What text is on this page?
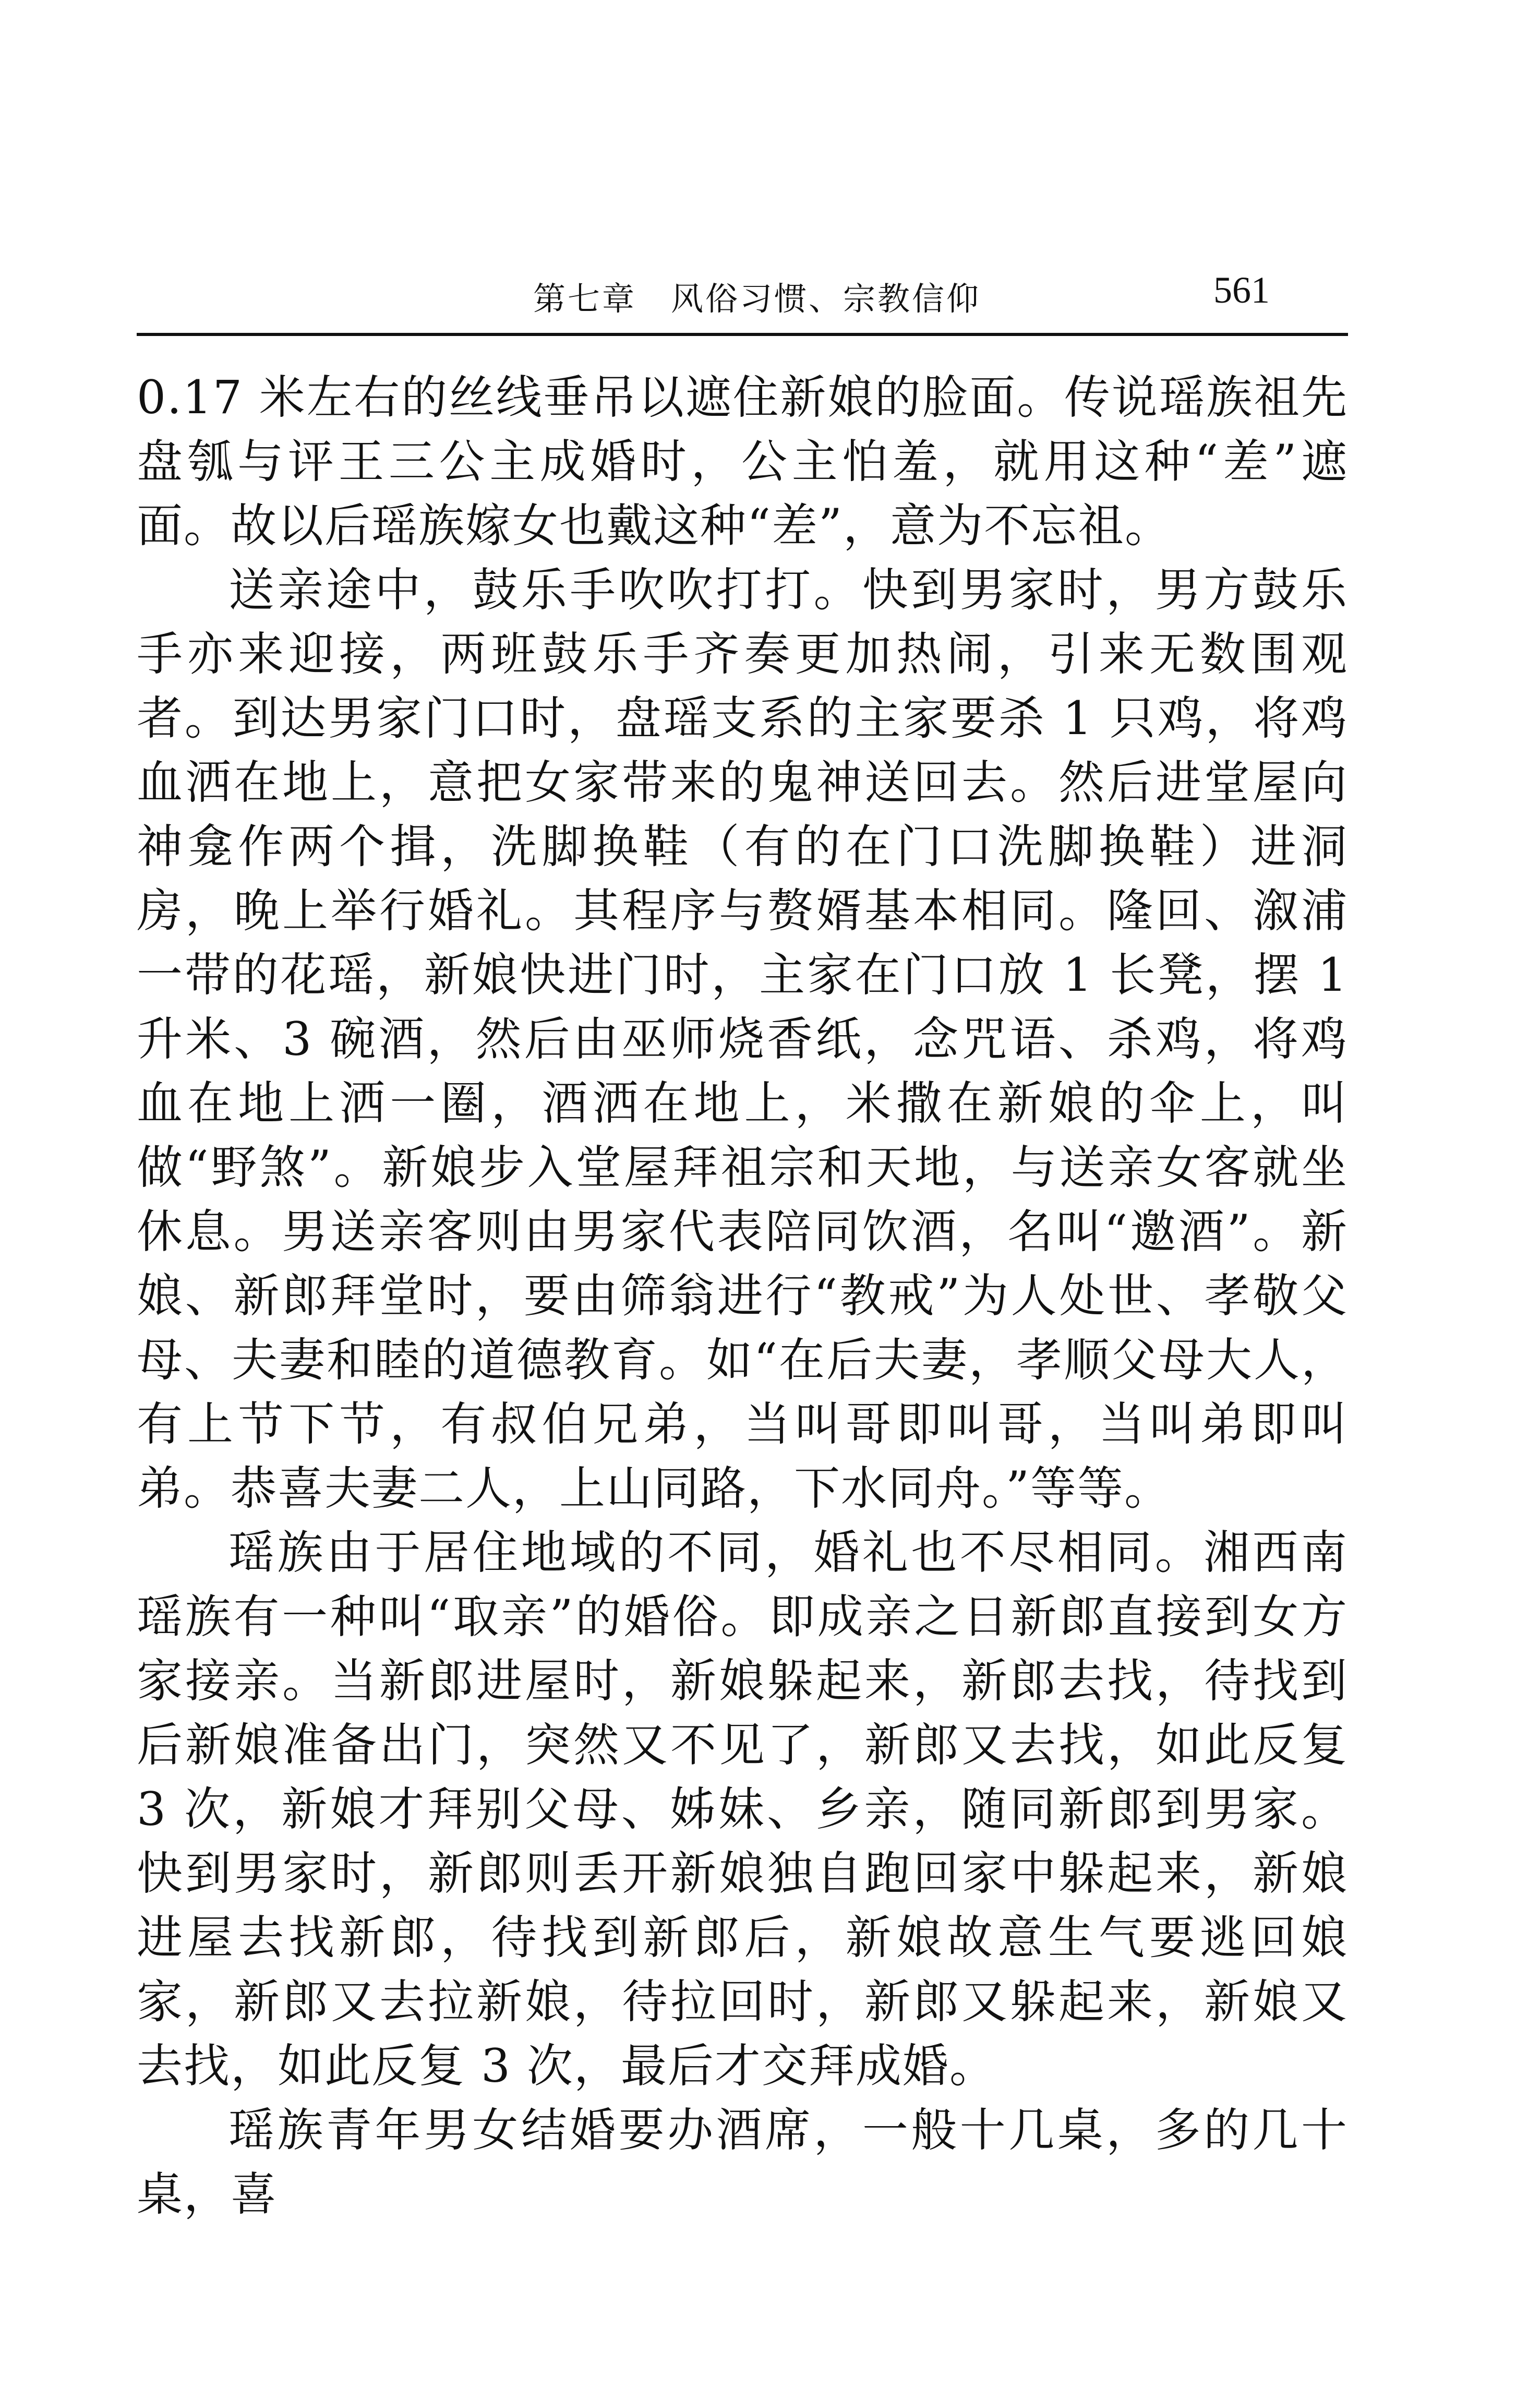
第七章　风俗习惯、宗教信仰	561

0.17 米左右的丝线垂吊以遮住新娘的脸面。传说瑶族祖先盘瓠与评王三公主成婚时，公主怕羞，就用这种“差”遮面。故以后瑶族嫁女也戴这种“差”，意为不忘祖。

送亲途中，鼓乐手吹吹打打。快到男家时，男方鼓乐手亦来迎接，两班鼓乐手齐奏更加热闹，引来无数围观者。到达男家门口时，盘瑶支系的主家要杀 1 只鸡，将鸡血洒在地上，意把女家带来的鬼神送回去。然后进堂屋向神龛作两个揖，洗脚换鞋（有的在门口洗脚换鞋）进洞房，晚上举行婚礼。其程序与赘婿基本相同。隆回、溆浦一带的花瑶，新娘快进门时，主家在门口放 1 长凳，摆 1 升米、3 碗酒，然后由巫师烧香纸，念咒语、杀鸡，将鸡血在地上洒一圈，酒洒在地上，米撒在新娘的伞上，叫做“野煞”。新娘步入堂屋拜祖宗和天地，与送亲女客就坐休息。男送亲客则由男家代表陪同饮酒，名叫“邀酒”。新娘、新郎拜堂时，要由筛翁进行“教戒”为人处世、孝敬父母、夫妻和睦的道德教育。如“在后夫妻，孝顺父母大人，有上节下节，有叔伯兄弟，当叫哥即叫哥，当叫弟即叫弟。恭喜夫妻二人，上山同路，下水同舟。”等等。

瑶族由于居住地域的不同，婚礼也不尽相同。湘西南瑶族有一种叫“取亲”的婚俗。即成亲之日新郎直接到女方家接亲。当新郎进屋时，新娘躲起来，新郎去找，待找到后新娘准备出门，突然又不见了，新郎又去找，如此反复 3 次，新娘才拜别父母、姊妹、乡亲，随同新郎到男家。快到男家时，新郎则丢开新娘独自跑回家中躲起来，新娘进屋去找新郎，待找到新郎后，新娘故意生气要逃回娘家，新郎又去拉新娘，待拉回时，新郎又躲起来，新娘又去找，如此反复 3 次，最后才交拜成婚。

瑶族青年男女结婚要办酒席，一般十几桌，多的几十桌，喜
